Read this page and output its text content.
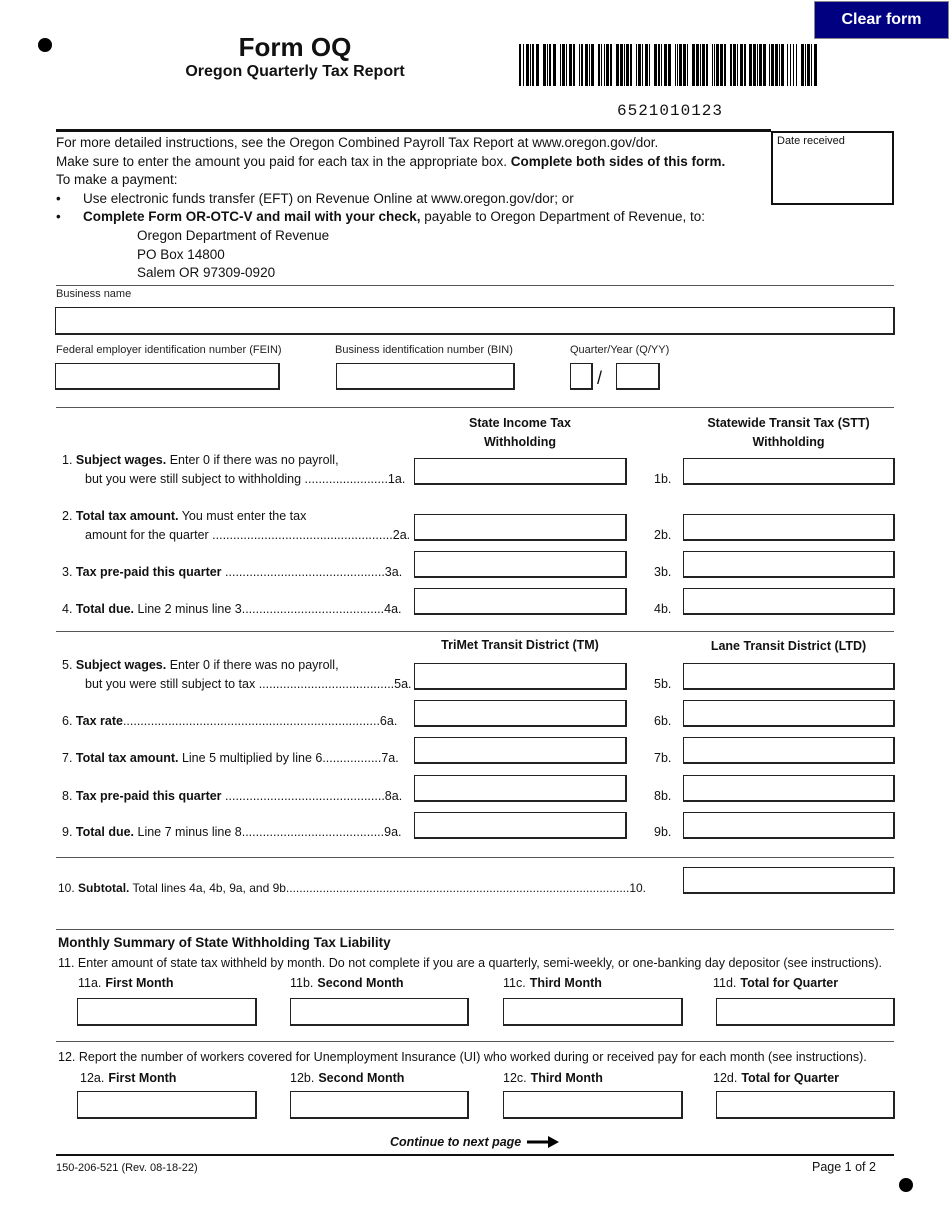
Form OQ
Oregon Quarterly Tax Report
Clear form
6521010123
For more detailed instructions, see the Oregon Combined Payroll Tax Report at www.oregon.gov/dor.
Make sure to enter the amount you paid for each tax in the appropriate box. Complete both sides of this form.
To make a payment:
• Use electronic funds transfer (EFT) on Revenue Online at www.oregon.gov/dor; or
• Complete Form OR-OTC-V and mail with your check, payable to Oregon Department of Revenue, to:
Oregon Department of Revenue
PO Box 14800
Salem OR 97309-0920
Date received
Business name
Federal employer identification number (FEIN)	Business identification number (BIN)	Quarter/Year (Q/YY)
/
State Income Tax
Withholding
Statewide Transit Tax (STT)
Withholding
1. Subject wages. Enter 0 if there was no payroll,
but you were still subject to withholding ........................1a.	1b.
2. Total tax amount. You must enter the tax
amount for the quarter ....................................................2a.	2b.
3. Tax pre-paid this quarter ..............................................3a.	3b.
4. Total due. Line 2 minus line 3.........................................4a.	4b.
TriMet Transit District (TM)	Lane Transit District (LTD)
5. Subject wages. Enter 0 if there was no payroll,
but you were still subject to tax .......................................5a.	5b.
6. Tax rate..........................................................................6a.	6b.
7. Total tax amount. Line 5 multiplied by line 6.................7a.	7b.
8. Tax pre-paid this quarter ..............................................8a.	8b.
9. Total due. Line 7 minus line 8.........................................9a.	9b.
10. Subtotal. Total lines 4a, 4b, 9a, and 9b.......................................................................................................10.
Monthly Summary of State Withholding Tax Liability
11. Enter amount of state tax withheld by month. Do not complete if you are a quarterly, semi-weekly, or one-banking day depositor (see instructions).
11a. First Month	11b. Second Month	11c. Third Month	11d. Total for Quarter
12. Report the number of workers covered for Unemployment Insurance (UI) who worked during or received pay for each month (see instructions).
12a. First Month	12b. Second Month	12c. Third Month	12d. Total for Quarter
Continue to next page
150-206-521 (Rev. 08-18-22)	Page 1 of 2
